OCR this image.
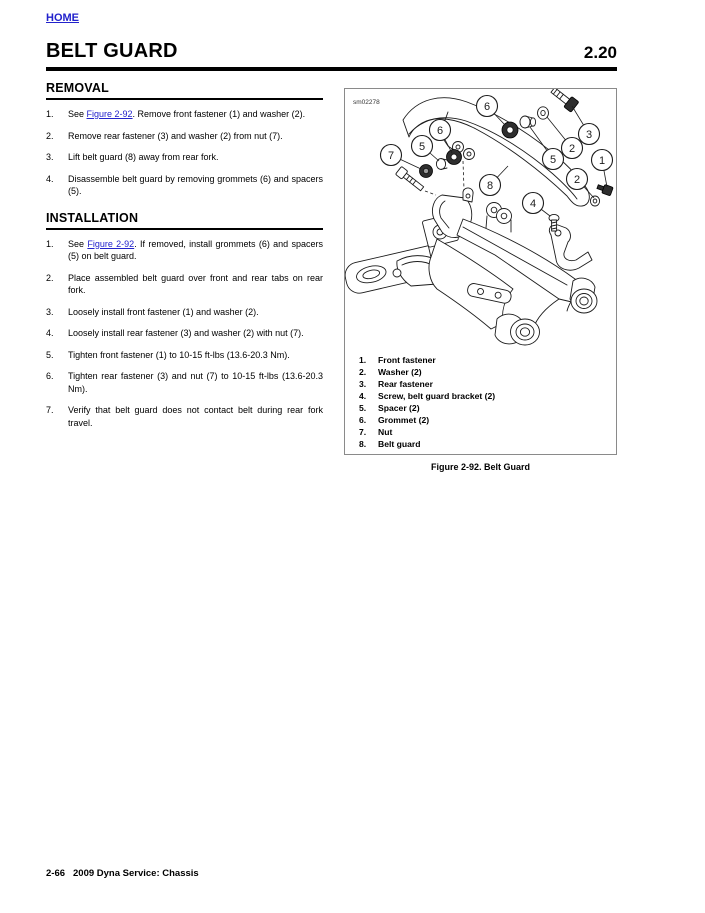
HOME
BELT GUARD	2.20
REMOVAL
1. See Figure 2-92. Remove front fastener (1) and washer (2).
2. Remove rear fastener (3) and washer (2) from nut (7).
3. Lift belt guard (8) away from rear fork.
4. Disassemble belt guard by removing grommets (6) and spacers (5).
INSTALLATION
1. See Figure 2-92. If removed, install grommets (6) and spacers (5) on belt guard.
2. Place assembled belt guard over front and rear tabs on rear fork.
3. Loosely install front fastener (1) and washer (2).
4. Loosely install rear fastener (3) and washer (2) with nut (7).
5. Tighten front fastener (1) to 10-15 ft-lbs (13.6-20.3 Nm).
6. Tighten rear fastener (3) and nut (7) to 10-15 ft-lbs (13.6-20.3 Nm).
7. Verify that belt guard does not contact belt during rear fork travel.
sm02278	6
3
2
5
6
5
7
8
1
2
4
1. Front fastener
2. Washer (2)
3. Rear fastener
4. Screw, belt guard bracket (2)
5. Spacer (2)
6. Grommet (2)
7. Nut
8. Belt guard
Figure 2-92. Belt Guard
2-66 2009 Dyna Service: Chassis
